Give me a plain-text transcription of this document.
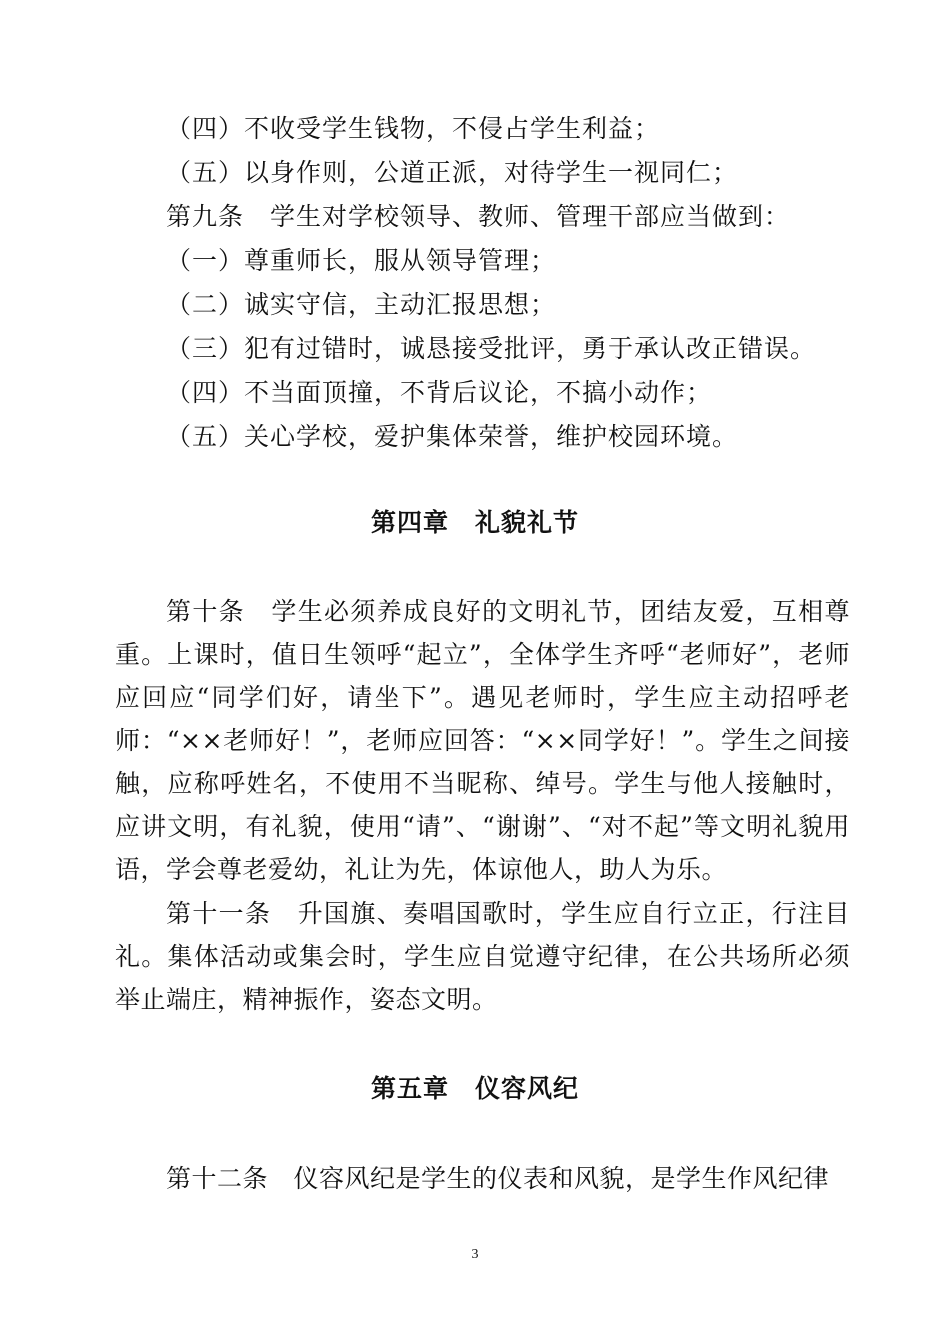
（四）不收受学生钱物，不侵占学生利益；
（五）以身作则，公道正派，对待学生一视同仁；
第九条　学生对学校领导、教师、管理干部应当做到：
（一）尊重师长，服从领导管理；
（二）诚实守信，主动汇报思想；
（三）犯有过错时，诚恳接受批评，勇于承认改正错误。
（四）不当面顶撞，不背后议论，不搞小动作；
（五）关心学校，爱护集体荣誉，维护校园环境。
第四章　礼貌礼节
第十条　学生必须养成良好的文明礼节，团结友爱，互相尊重。上课时，值日生领呼“起立”，全体学生齐呼“老师好”，老师应回应“同学们好，请坐下”。遇见老师时，学生应主动招呼老师：“××老师好！”，老师应回答：“××同学好！”。学生之间接触，应称呼姓名，不使用不当昵称、绰号。学生与他人接触时，应讲文明，有礼貌，使用“请”、“谢谢”、“对不起”等文明礼貌用语，学会尊老爱幼，礼让为先，体谅他人，助人为乐。
第十一条　升国旗、奏唱国歌时，学生应自行立正，行注目礼。集体活动或集会时，学生应自觉遵守纪律，在公共场所必须举止端庄，精神振作，姿态文明。
第五章　仪容风纪
第十二条　仪容风纪是学生的仪表和风貌，是学生作风纪律
3
